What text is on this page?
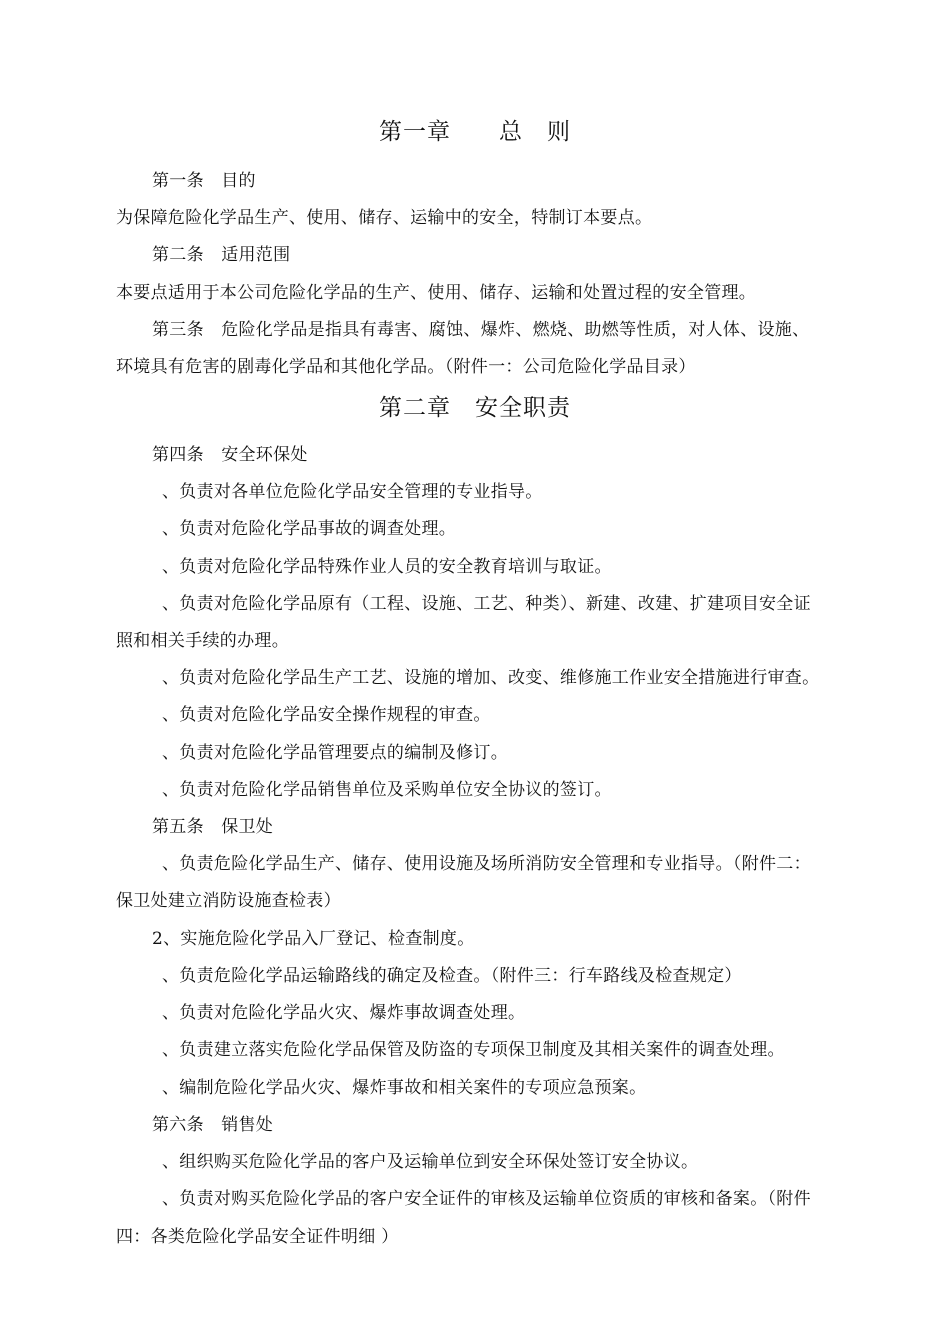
第一章　　总　则
第一条　目的
为保障危险化学品生产、使用、储存、运输中的安全，特制订本要点。
第二条　适用范围
本要点适用于本公司危险化学品的生产、使用、储存、运输和处置过程的安全管理。
第三条　危险化学品是指具有毒害、腐蚀、爆炸、燃烧、助燃等性质，对人体、设施、
环境具有危害的剧毒化学品和其他化学品。（附件一：公司危险化学品目录）
第二章　安全职责
第四条　安全环保处
、负责对各单位危险化学品安全管理的专业指导。
、负责对危险化学品事故的调查处理。
、负责对危险化学品特殊作业人员的安全教育培训与取证。
、负责对危险化学品原有（工程、设施、工艺、种类）、新建、改建、扩建项目安全证
照和相关手续的办理。
、负责对危险化学品生产工艺、设施的增加、改变、维修施工作业安全措施进行审查。
、负责对危险化学品安全操作规程的审查。
、负责对危险化学品管理要点的编制及修订。
、负责对危险化学品销售单位及采购单位安全协议的签订。
第五条　保卫处
、负责危险化学品生产、储存、使用设施及场所消防安全管理和专业指导。（附件二：
保卫处建立消防设施查检表）
2、实施危险化学品入厂登记、检查制度。
、负责危险化学品运输路线的确定及检查。（附件三：行车路线及检查规定）
、负责对危险化学品火灾、爆炸事故调查处理。
、负责建立落实危险化学品保管及防盗的专项保卫制度及其相关案件的调查处理。
、编制危险化学品火灾、爆炸事故和相关案件的专项应急预案。
第六条　销售处
、组织购买危险化学品的客户及运输单位到安全环保处签订安全协议。
、负责对购买危险化学品的客户安全证件的审核及运输单位资质的审核和备案。（附件
四：各类危险化学品安全证件明细 ）
